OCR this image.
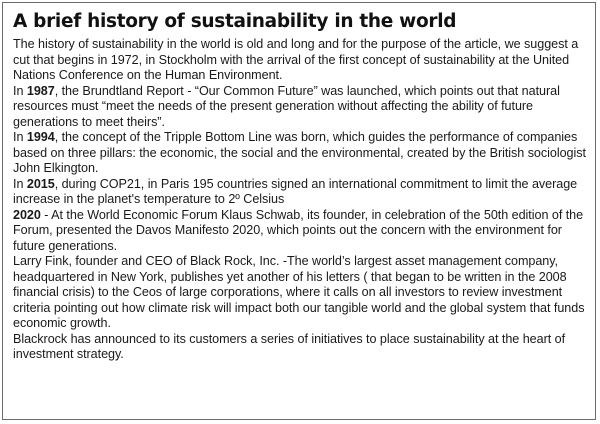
A brief history of sustainability in the world

The history of sustainability in the world is old and long and for the purpose of the article, we suggest a cut that begins in 1972, in Stockholm with the arrival of the first concept of sustainability at the United Nations Conference on the Human Environment.

In 1987, the Brundtland Report - “Our Common Future” was launched, which points out that natural resources must “meet the needs of the present generation without affecting the ability of future generations to meet theirs”.

In 1994, the concept of the Tripple Bottom Line was born, which guides the performance of companies based on three pillars: the economic, the social and the environmental, created by the British sociologist John Elkington.

In 2015, during COP21, in Paris 195 countries signed an international commitment to limit the average increase in the planet's temperature to 2º Celsius

2020 - At the World Economic Forum Klaus Schwab, its founder, in celebration of the 50th edition of the Forum, presented the Davos Manifesto 2020, which points out the concern with the environment for future generations.

Larry Fink, founder and CEO of Black Rock, Inc. -The world’s largest asset management company, headquartered in New York, publishes yet another of his letters ( that began to be written in the 2008 financial crisis) to the Ceos of large corporations, where it calls on all investors to review investment criteria pointing out how climate risk will impact both our tangible world and the global system that funds economic growth.

Blackrock has announced to its customers a series of initiatives to place sustainability at the heart of investment strategy.
